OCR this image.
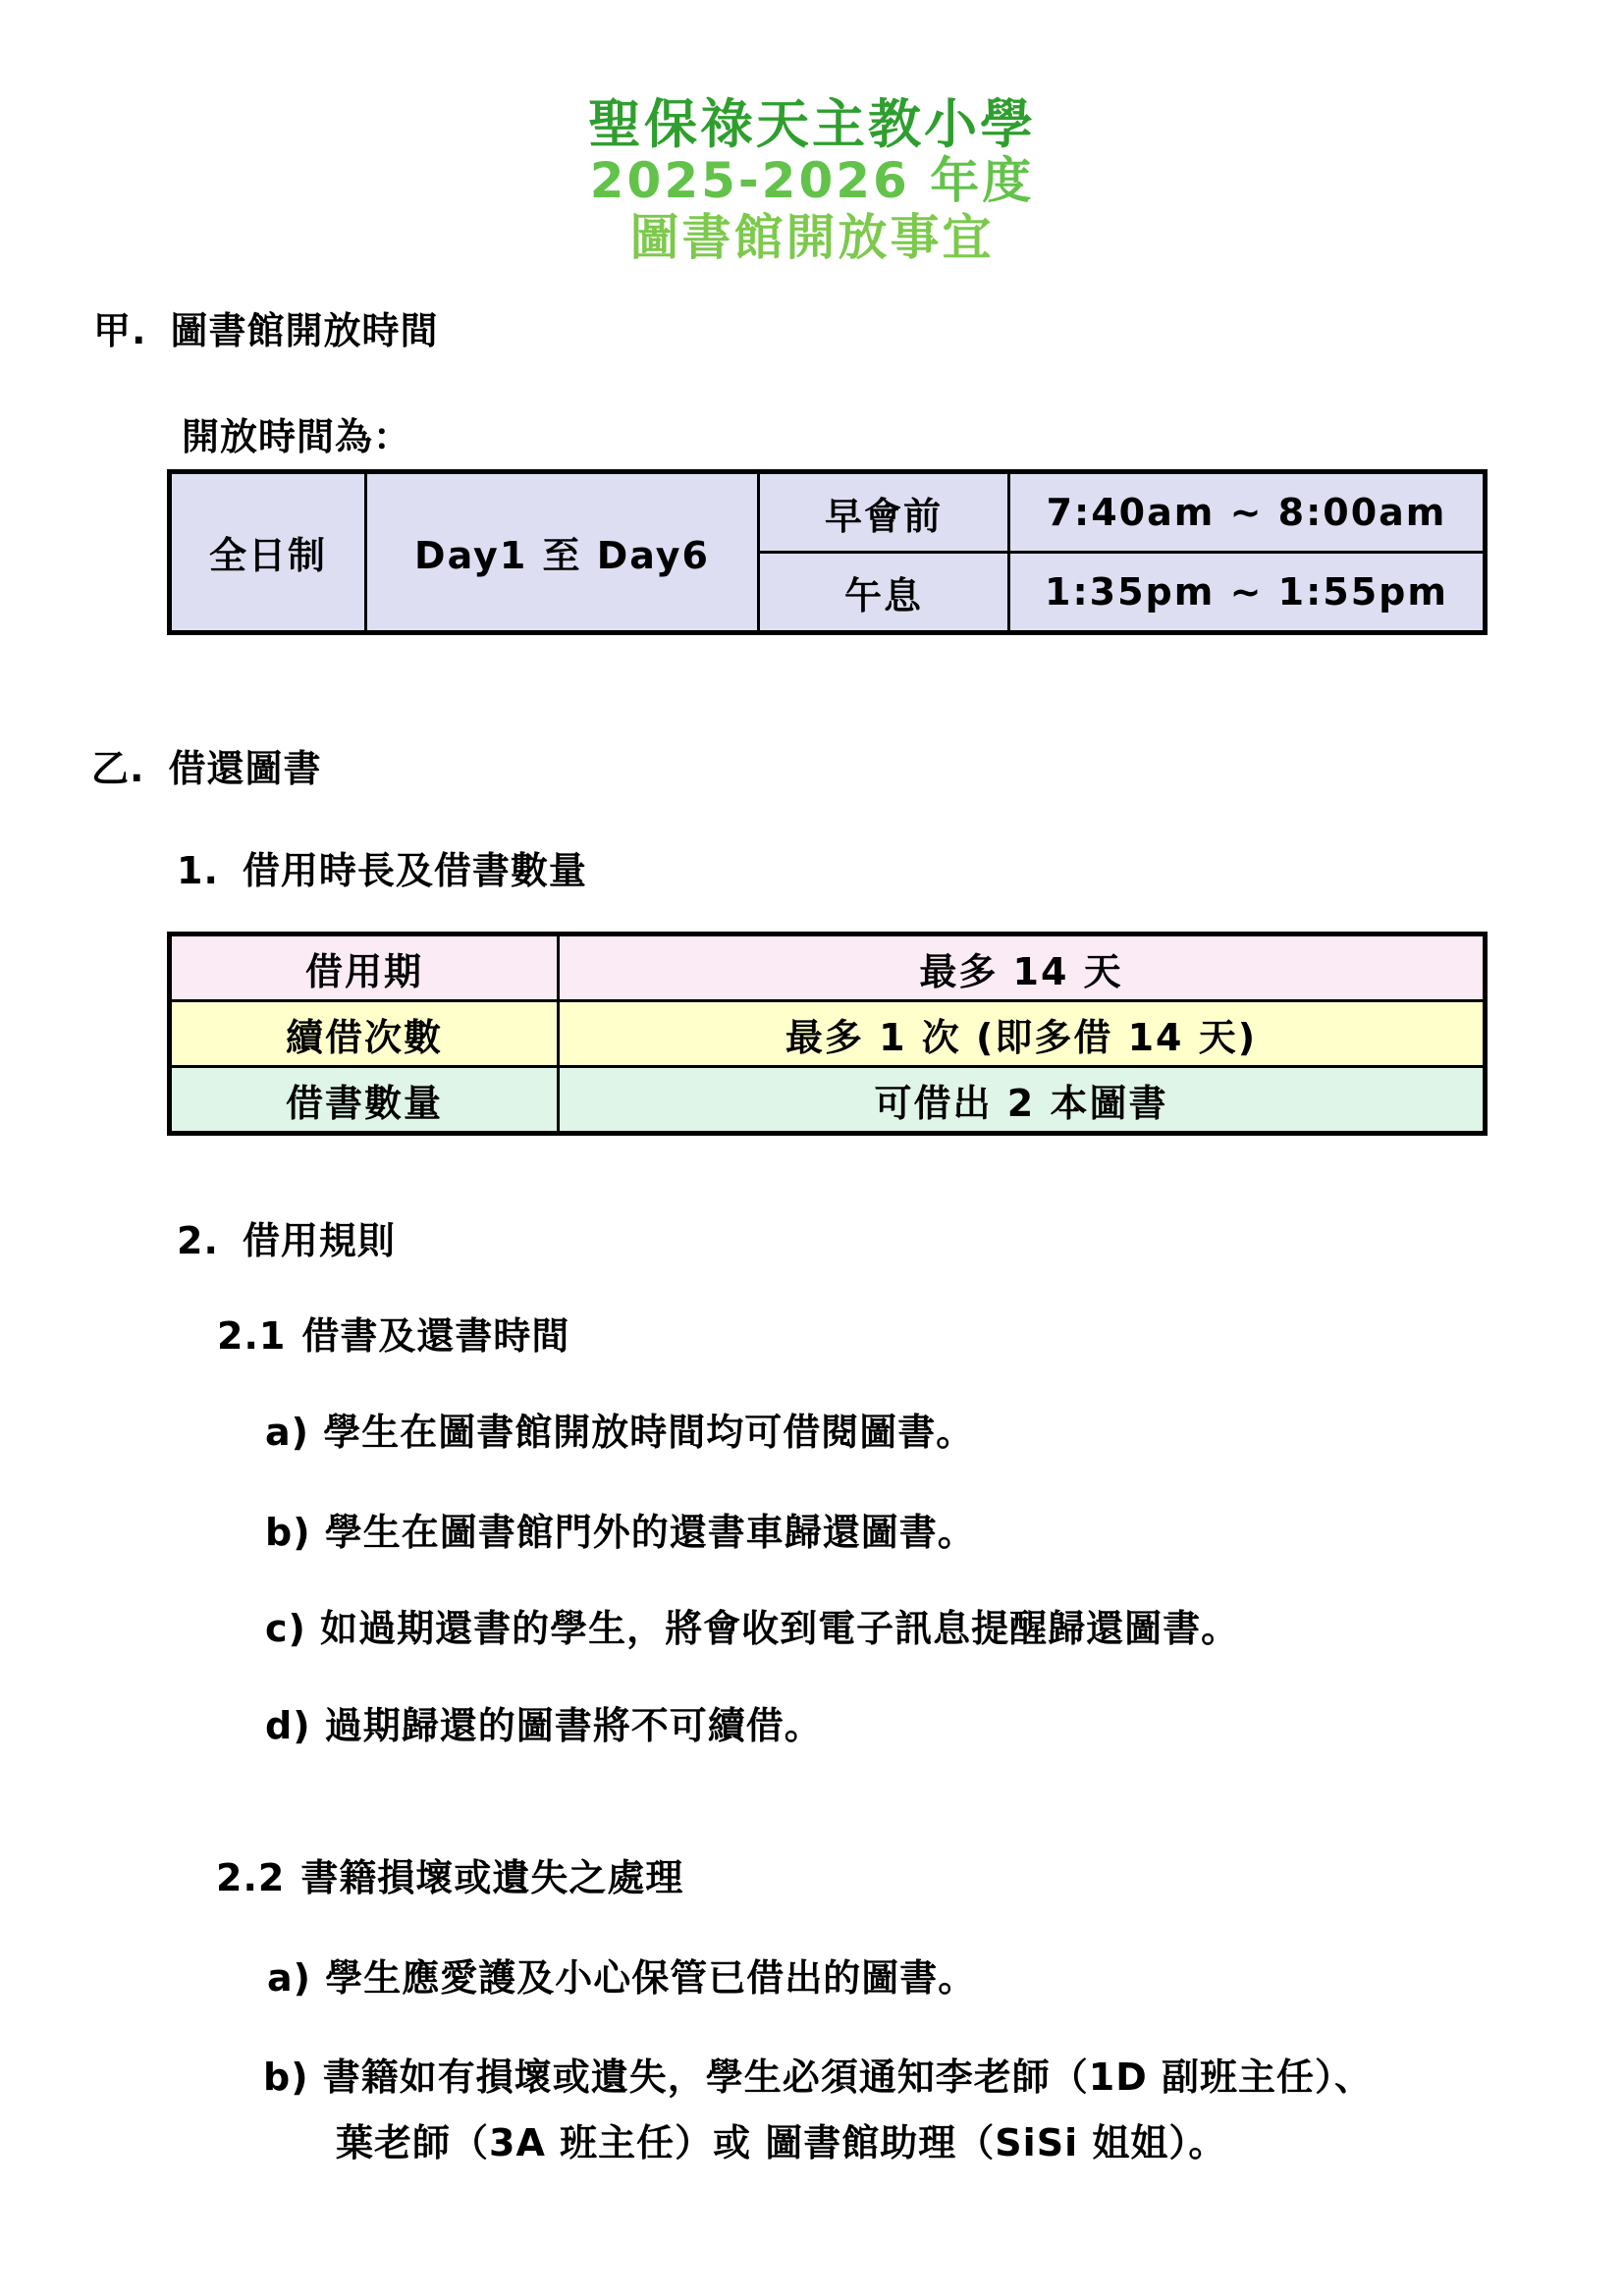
聖保祿天主教小學
2025-2026 年度
圖書館開放事宜
甲. 圖書館開放時間
開放時間為：
全日制	Day1 至 Day6	早會前	7:40am ~ 8:00am
		午息	1:35pm ~ 1:55pm
乙. 借還圖書
1. 借用時長及借書數量
借用期	最多 14 天
續借次數	最多 1 次 (即多借 14 天)
借書數量	可借出 2 本圖書
2. 借用規則
2.1 借書及還書時間
a) 學生在圖書館開放時間均可借閱圖書。
b) 學生在圖書館門外的還書車歸還圖書。
c) 如過期還書的學生，將會收到電子訊息提醒歸還圖書。
d) 過期歸還的圖書將不可續借。
2.2 書籍損壞或遺失之處理
a) 學生應愛護及小心保管已借出的圖書。
b) 書籍如有損壞或遺失，學生必須通知李老師（1D 副班主任）、
葉老師（3A 班主任）或 圖書館助理（SiSi 姐姐）。
